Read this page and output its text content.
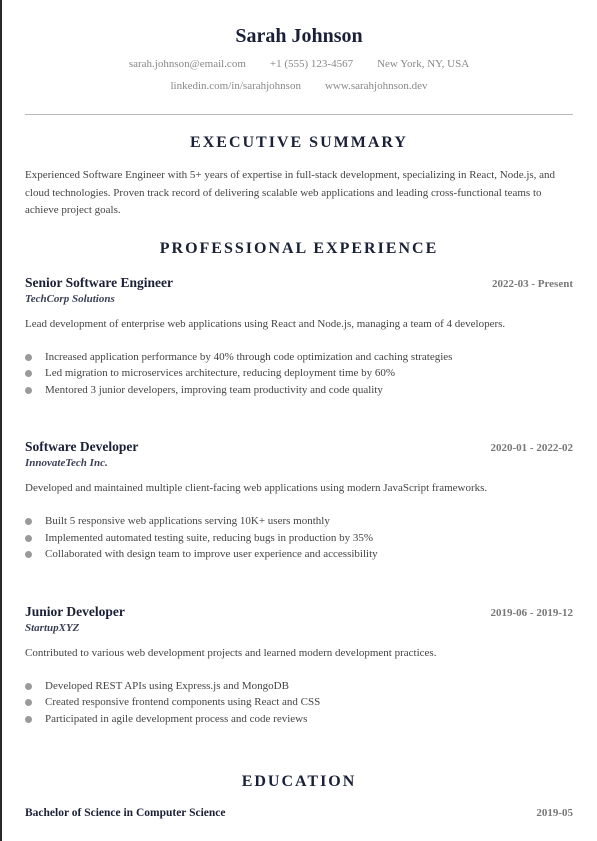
Sarah Johnson
sarah.johnson@email.com +1 (555) 123-4567 New York, NY, USA
linkedin.com/in/sarahjohnson www.sarahjohnson.dev
EXECUTIVE SUMMARY
Experienced Software Engineer with 5+ years of expertise in full-stack development, specializing in React, Node.js, and cloud technologies. Proven track record of delivering scalable web applications and leading cross-functional teams to achieve project goals.
PROFESSIONAL EXPERIENCE
Senior Software Engineer	2022-03 - Present
TechCorp Solutions
Lead development of enterprise web applications using React and Node.js, managing a team of 4 developers.
Increased application performance by 40% through code optimization and caching strategies
Led migration to microservices architecture, reducing deployment time by 60%
Mentored 3 junior developers, improving team productivity and code quality
Software Developer	2020-01 - 2022-02
InnovateTech Inc.
Developed and maintained multiple client-facing web applications using modern JavaScript frameworks.
Built 5 responsive web applications serving 10K+ users monthly
Implemented automated testing suite, reducing bugs in production by 35%
Collaborated with design team to improve user experience and accessibility
Junior Developer	2019-06 - 2019-12
StartupXYZ
Contributed to various web development projects and learned modern development practices.
Developed REST APIs using Express.js and MongoDB
Created responsive frontend components using React and CSS
Participated in agile development process and code reviews
EDUCATION
Bachelor of Science in Computer Science	2019-05
